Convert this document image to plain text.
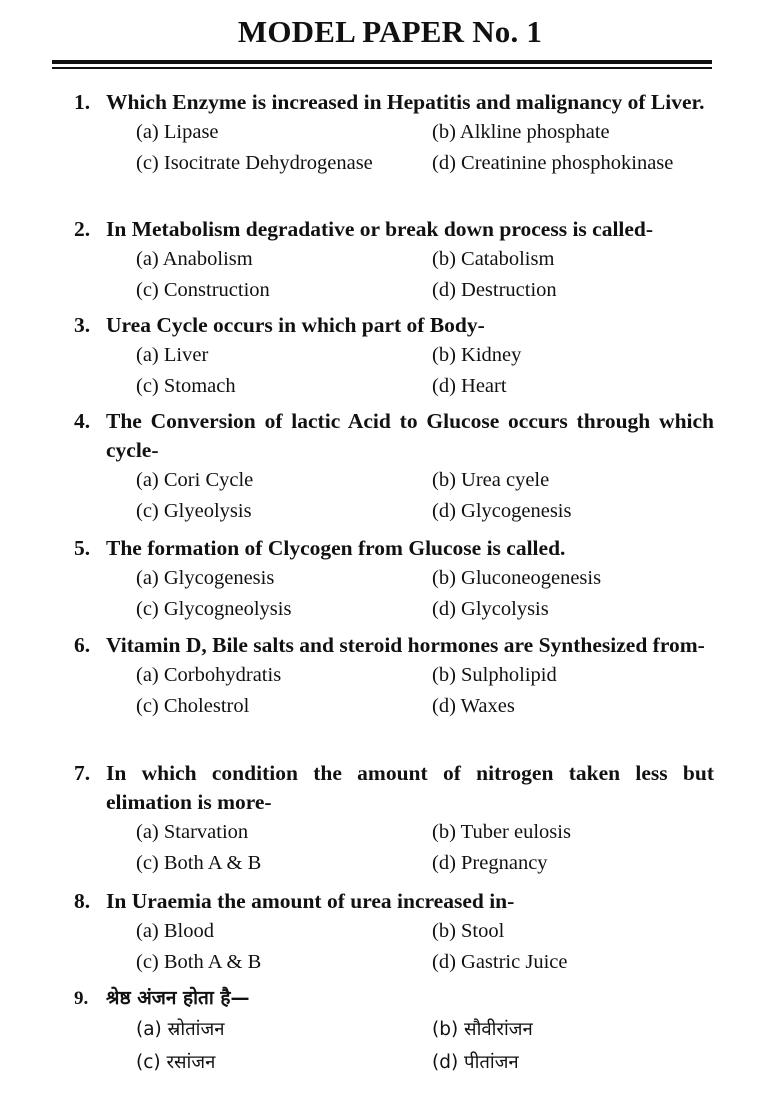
MODEL PAPER No. 1
1. Which Enzyme is increased in Hepatitis and malignancy of Liver.
(a) Lipase	(b) Alkline phosphate
(c) Isocitrate Dehydrogenase	(d) Creatinine phosphokinase
2. In Metabolism degradative or break down process is called-
(a) Anabolism	(b) Catabolism
(c) Construction	(d) Destruction
3. Urea Cycle occurs in which part of Body-
(a) Liver	(b) Kidney
(c) Stomach	(d) Heart
4. The Conversion of lactic Acid to Glucose occurs through which cycle-
(a) Cori Cycle	(b) Urea cyele
(c) Glyeolysis	(d) Glycogenesis
5. The formation of Clycogen from Glucose is called.
(a) Glycogenesis	(b) Gluconeogenesis
(c) Glycogneolysis	(d) Glycolysis
6. Vitamin D, Bile salts and steroid hormones are Synthesized from-
(a) Corbohydratis	(b) Sulpholipid
(c) Cholestrol	(d) Waxes
7. In which condition the amount of nitrogen taken less but elimation is more-
(a) Starvation	(b) Tuber eulosis
(c) Both A & B	(d) Pregnancy
8. In Uraemia the amount of urea increased in-
(a) Blood	(b) Stool
(c) Both A & B	(d) Gastric Juice
9. श्रेष्ठ अंजन होता है—
(a) स्रोतांजन	(b) सौवीरांजन
(c) रसांजन	(d) पीतांजन
